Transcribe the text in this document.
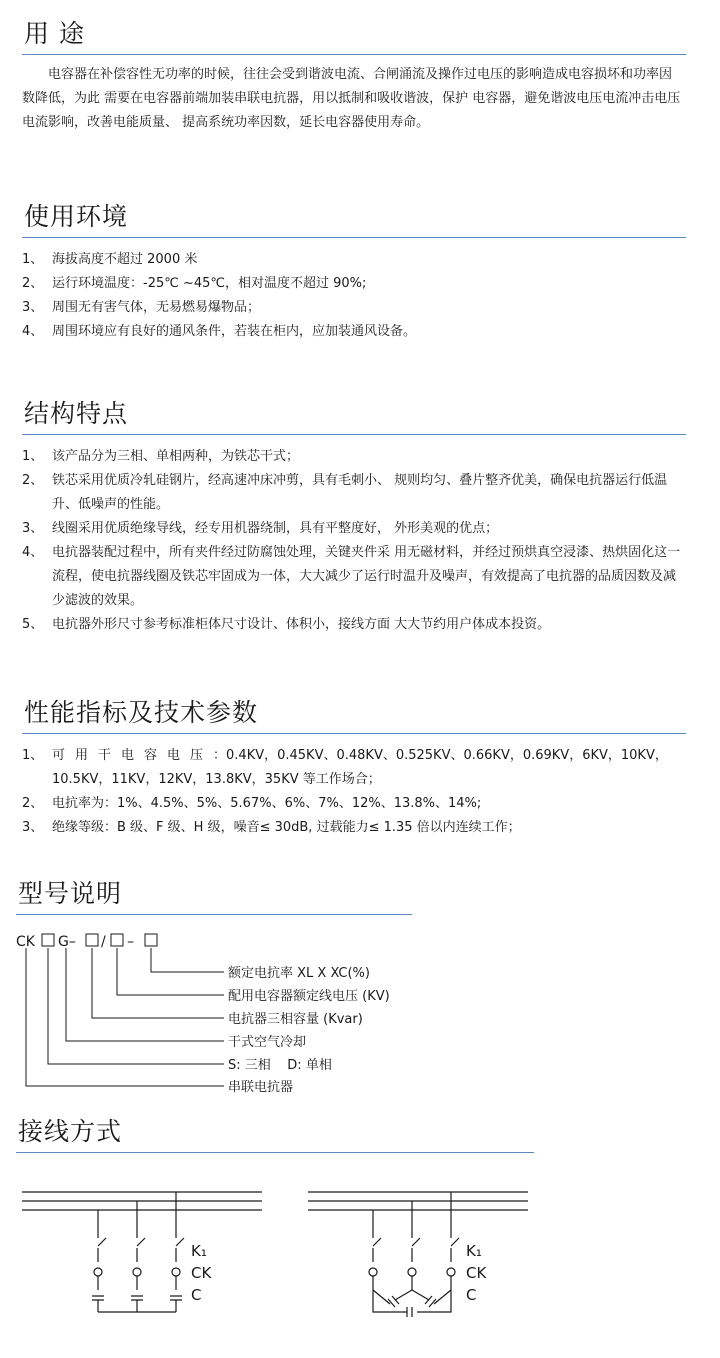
用 途

电容器在补偿容性无功率的时候，往往会受到谐波电流、合闸涌流及操作过电压的影响造成电容损坏和功率因数降低，为此 需要在电容器前端加装串联电抗器，用以抵制和吸收谐波，保护 电容器，避免谐波电压电流冲击电压电流影响，改善电能质量、 提高系统功率因数，延长电容器使用寿命。

使用环境
1、 海拔高度不超过 2000 米
2、 运行环境温度：-25℃ ~45℃，相对温度不超过 90%;
3、 周围无有害气体，无易燃易爆物品；
4、 周围环境应有良好的通风条件，若装在柜内，应加装通风设备。
结构特点
1、 该产品分为三相、单相两种，为铁芯干式；
2、 铁芯采用优质冷轧硅钢片，经高速冲床冲剪，具有毛刺小、 规则均匀、叠片整齐优美，确保电抗器运行低温升、低噪声的性能。
3、 线圈采用优质绝缘导线，经专用机器绕制，具有平整度好， 外形美观的优点；
4、 电抗器装配过程中，所有夹件经过防腐蚀处理，关键夹件采 用无磁材料，并经过预烘真空浸漆、热烘固化这一流程，使电抗器线圈及铁芯牢固成为一体，大大减少了运行时温升及噪声，有效提高了电抗器的品质因数及减少滤波的效果。
5、 电抗器外形尺寸参考标准柜体尺寸设计、体积小，接线方面 大大节约用户体成本投资。
性能指标及技术参数
1、 可用干电容电压：0.4KV，0.45KV、0.48KV、0.525KV、0.66KV，0.69KV，6KV，10KV，10.5KV，11KV，12KV，13.8KV，35KV 等工作场合；
2、 电抗率为：1%、4.5%、5%、5.67%、6%、7%、12%、13.8%、14%;
3、 绝缘等级：B 级、F 级、H 级，噪音≤ 30dB, 过载能力≤ 1.35 倍以内连续工作；
型号说明
CK G– / –
额定电抗率 XL X XC(%)
配用电容器额定线电压 (KV)
电抗器三相容量 (Kvar)
干式空气冷却
S: 三相    D: 单相
串联电抗器
接线方式
K₁
CK
C
K₁
CK
C
